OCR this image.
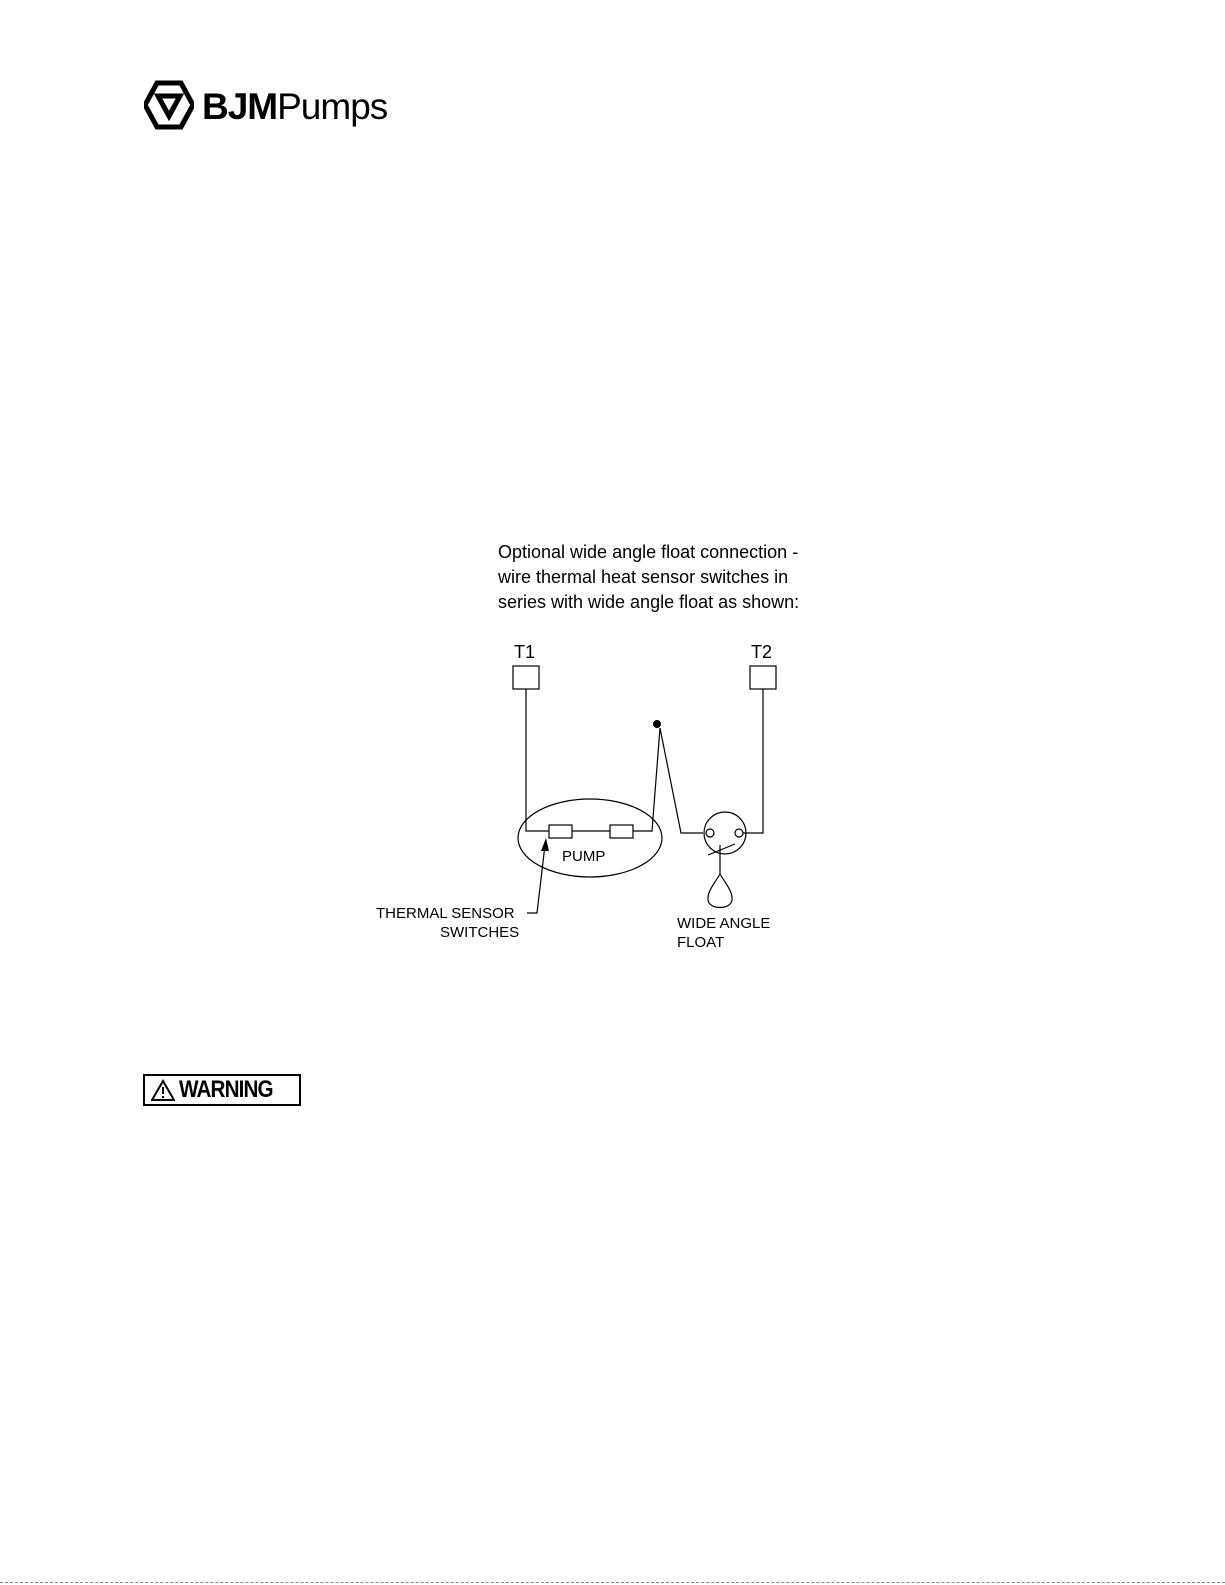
BJMPumps
Optional wide angle float connection -
wire thermal heat sensor switches in
series with wide angle float as shown:
T1	T2
PUMP
THERMAL SENSOR
SWITCHES
WIDE ANGLE
FLOAT
WARNING
